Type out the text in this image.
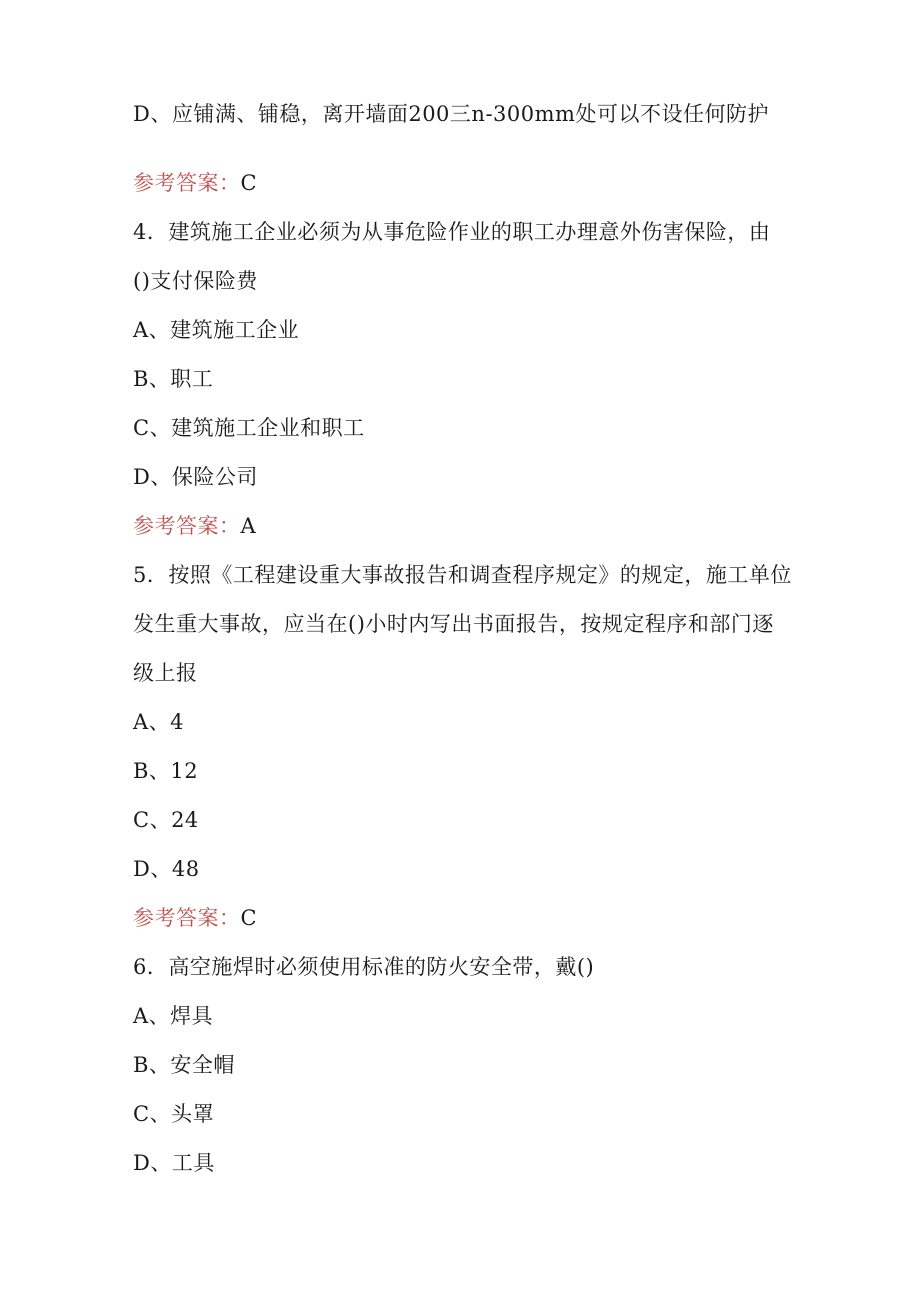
D、应铺满、铺稳，离开墙面200三n-300mm处可以不设任何防护
参考答案：C
4．建筑施工企业必须为从事危险作业的职工办理意外伤害保险，由
()支付保险费
A、建筑施工企业
B、职工
C、建筑施工企业和职工
D、保险公司
参考答案：A
5．按照《工程建设重大事故报告和调查程序规定》的规定，施工单位
发生重大事故，应当在()小时内写出书面报告，按规定程序和部门逐
级上报
A、4
B、12
C、24
D、48
参考答案：C
6．高空施焊时必须使用标准的防火安全带，戴()
A、焊具
B、安全帽
C、头罩
D、工具
